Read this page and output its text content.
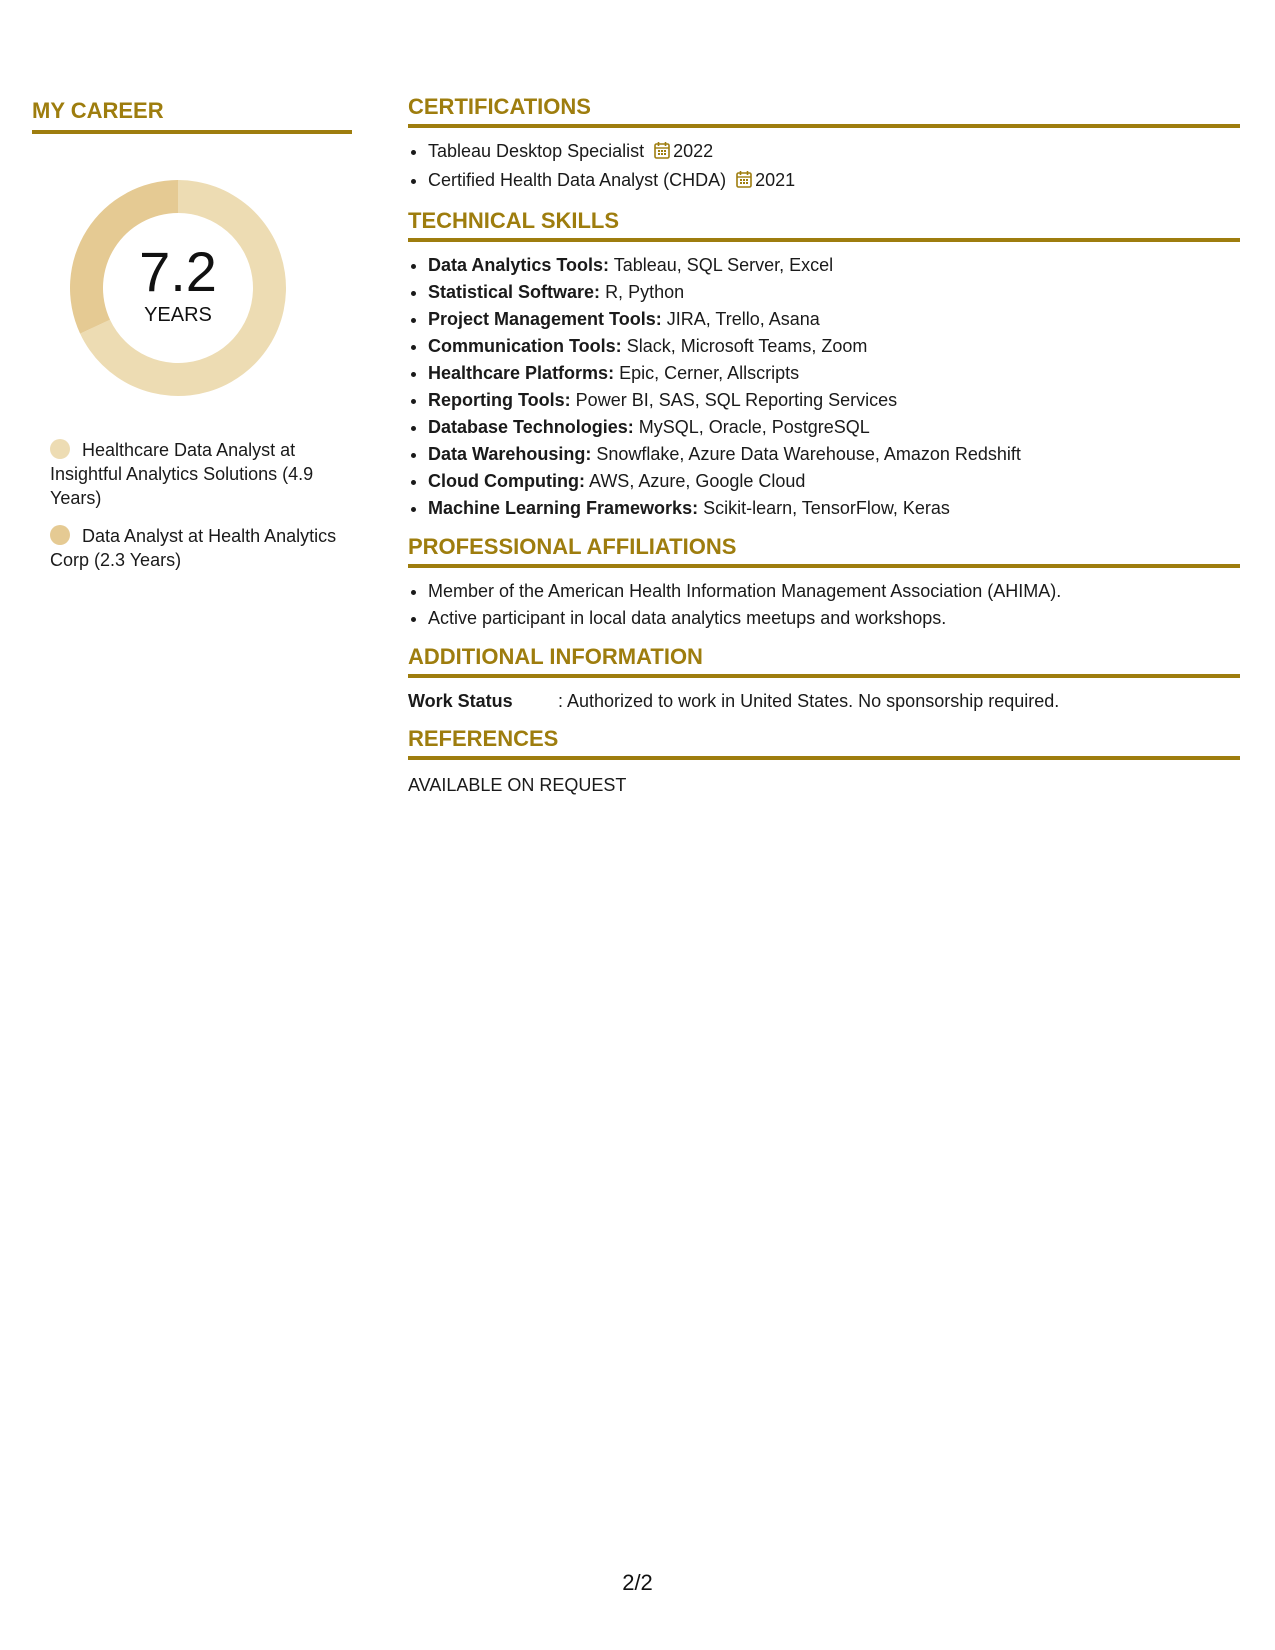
MY CAREER
7.2
YEARS
Healthcare Data Analyst at Insightful Analytics Solutions (4.9 Years)
Data Analyst at Health Analytics Corp (2.3 Years)
CERTIFICATIONS
• Tableau Desktop Specialist 2022
• Certified Health Data Analyst (CHDA) 2021
TECHNICAL SKILLS
• Data Analytics Tools: Tableau, SQL Server, Excel
• Statistical Software: R, Python
• Project Management Tools: JIRA, Trello, Asana
• Communication Tools: Slack, Microsoft Teams, Zoom
• Healthcare Platforms: Epic, Cerner, Allscripts
• Reporting Tools: Power BI, SAS, SQL Reporting Services
• Database Technologies: MySQL, Oracle, PostgreSQL
• Data Warehousing: Snowflake, Azure Data Warehouse, Amazon Redshift
• Cloud Computing: AWS, Azure, Google Cloud
• Machine Learning Frameworks: Scikit-learn, TensorFlow, Keras
PROFESSIONAL AFFILIATIONS
• Member of the American Health Information Management Association (AHIMA).
• Active participant in local data analytics meetups and workshops.
ADDITIONAL INFORMATION
Work Status	: Authorized to work in United States. No sponsorship required.
REFERENCES
AVAILABLE ON REQUEST
2/2
